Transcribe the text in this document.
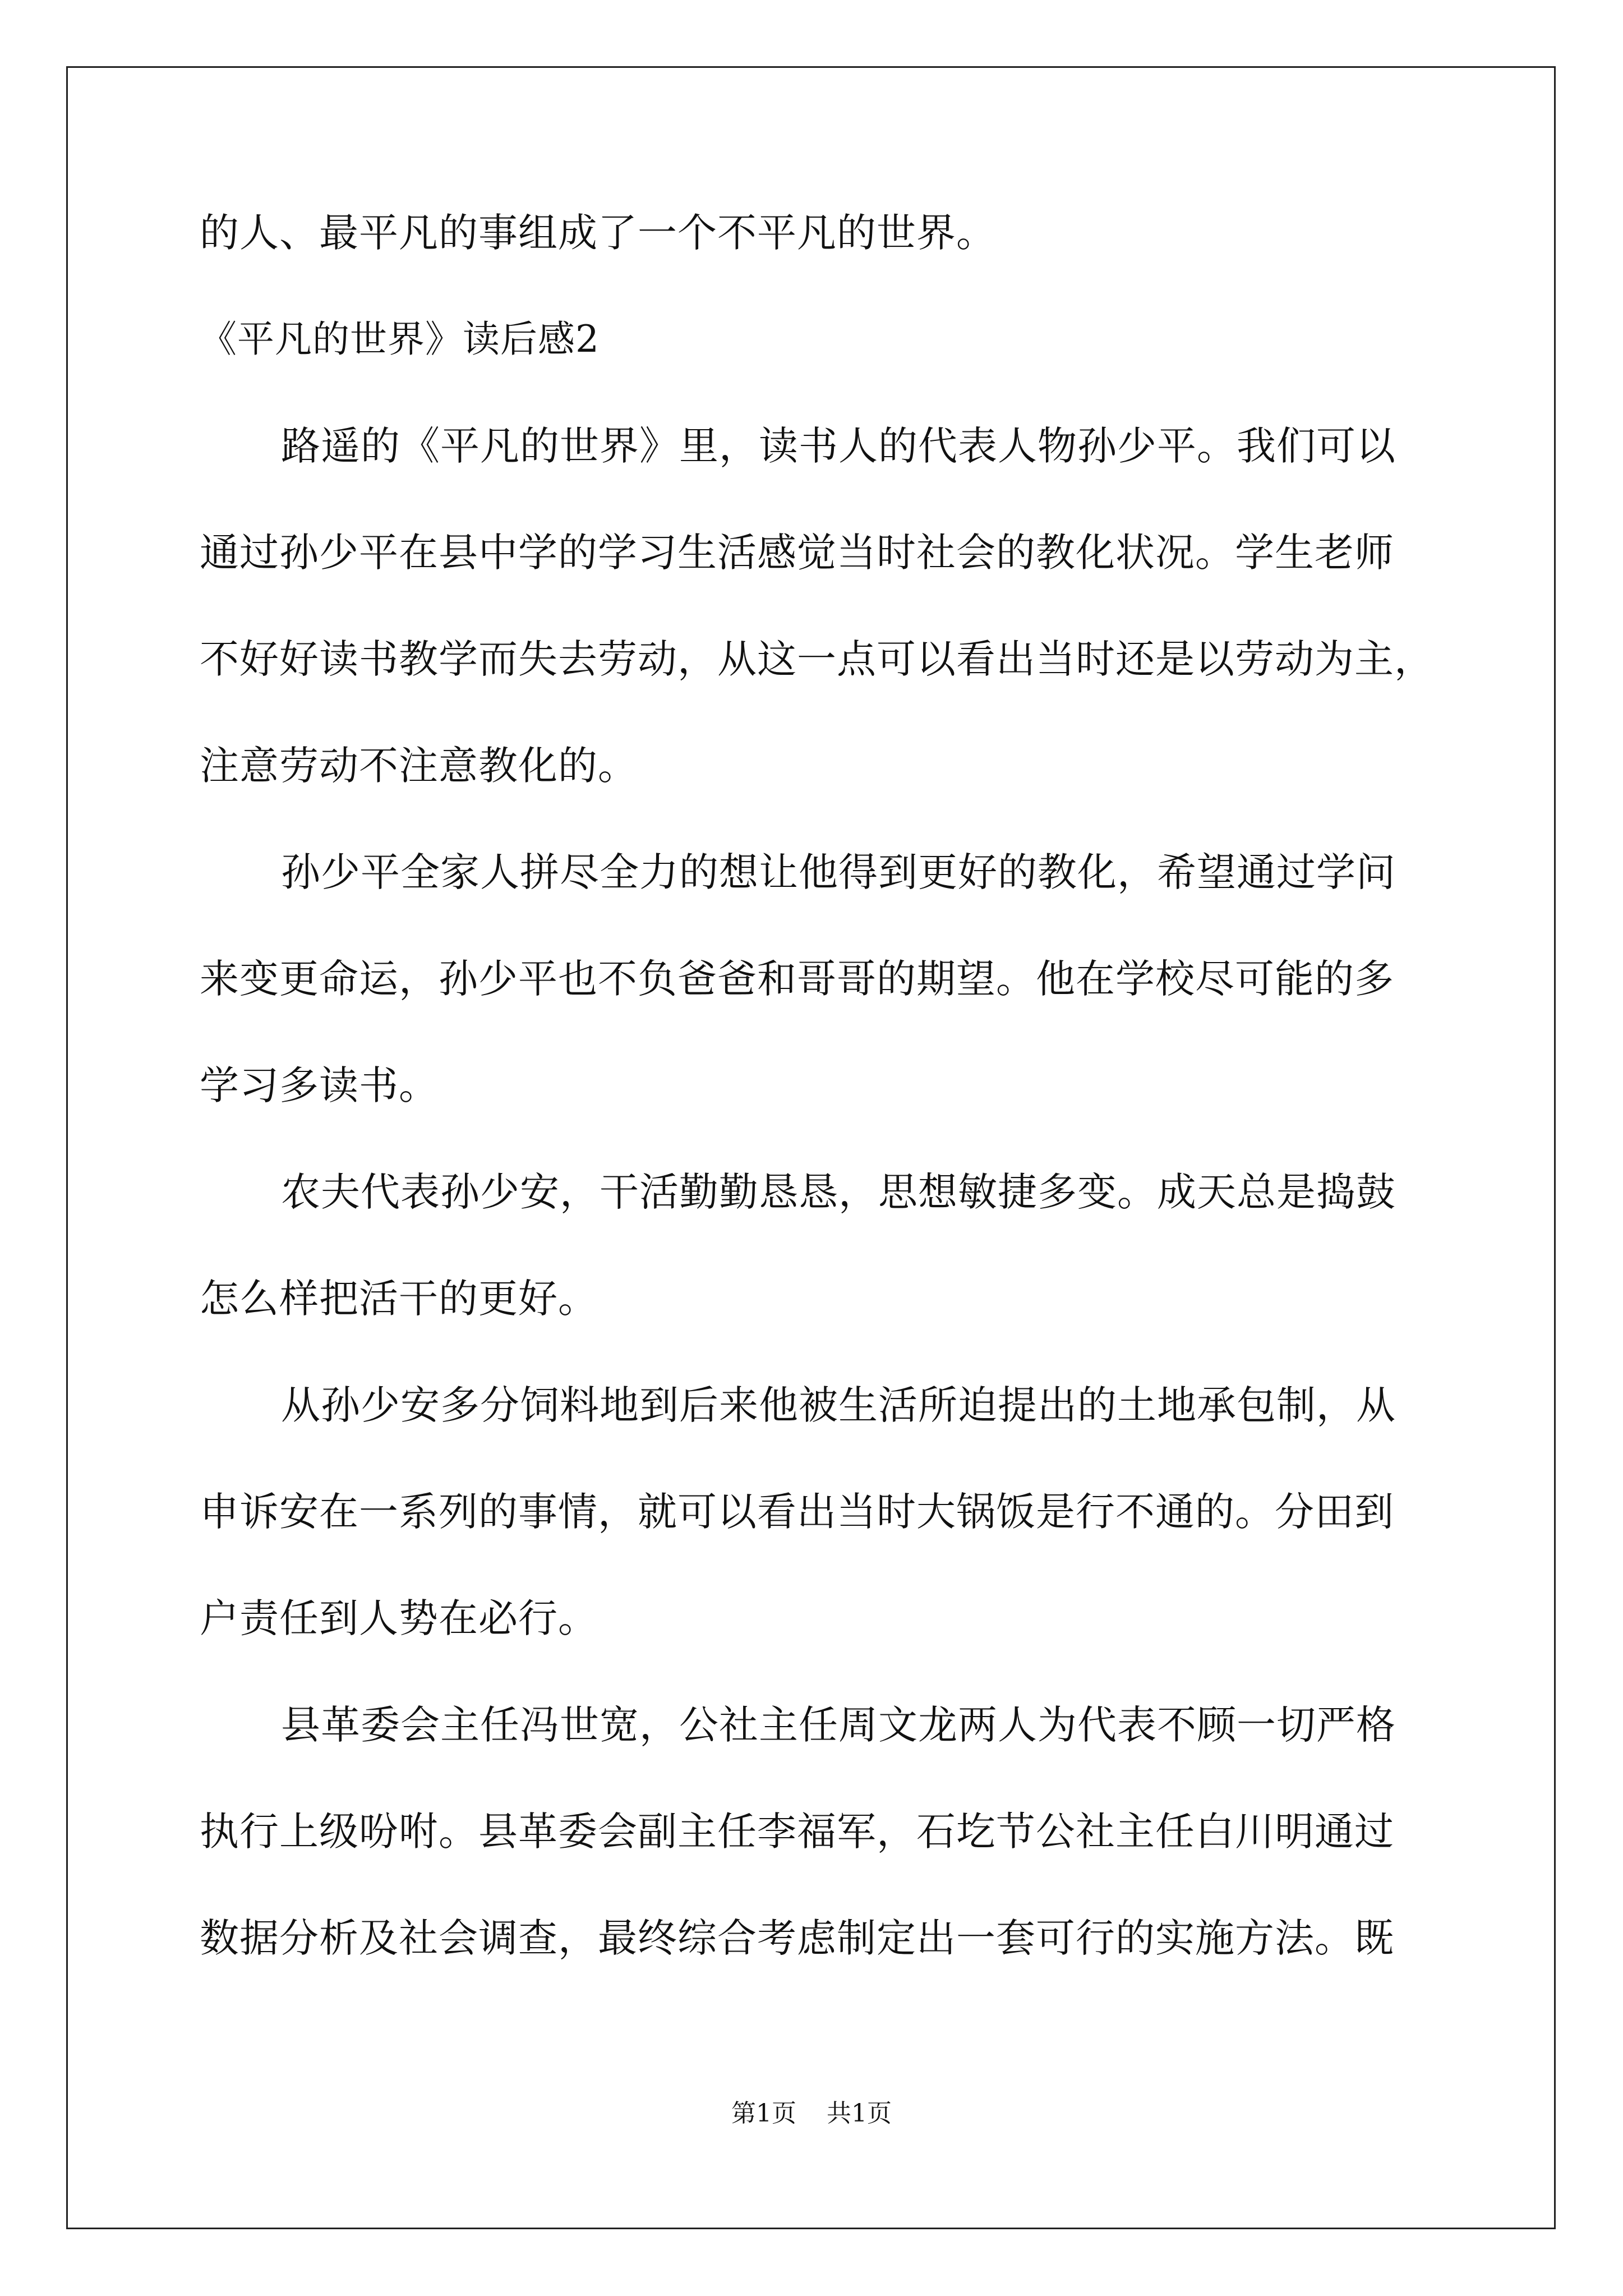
的人、最平凡的事组成了一个不平凡的世界。
《平凡的世界》读后感2
路遥的《平凡的世界》里，读书人的代表人物孙少平。我们可以
通过孙少平在县中学的学习生活感觉当时社会的教化状况。学生老师
不好好读书教学而失去劳动，从这一点可以看出当时还是以劳动为主，
注意劳动不注意教化的。
孙少平全家人拼尽全力的想让他得到更好的教化，希望通过学问
来变更命运，孙少平也不负爸爸和哥哥的期望。他在学校尽可能的多
学习多读书。
农夫代表孙少安，干活勤勤恳恳，思想敏捷多变。成天总是捣鼓
怎么样把活干的更好。
从孙少安多分饲料地到后来他被生活所迫提出的土地承包制，从
申诉安在一系列的事情，就可以看出当时大锅饭是行不通的。分田到
户责任到人势在必行。
县革委会主任冯世宽，公社主任周文龙两人为代表不顾一切严格
执行上级吩咐。县革委会副主任李福军，石圪节公社主任白川明通过
数据分析及社会调查，最终综合考虑制定出一套可行的实施方法。既
第1页 共1页
